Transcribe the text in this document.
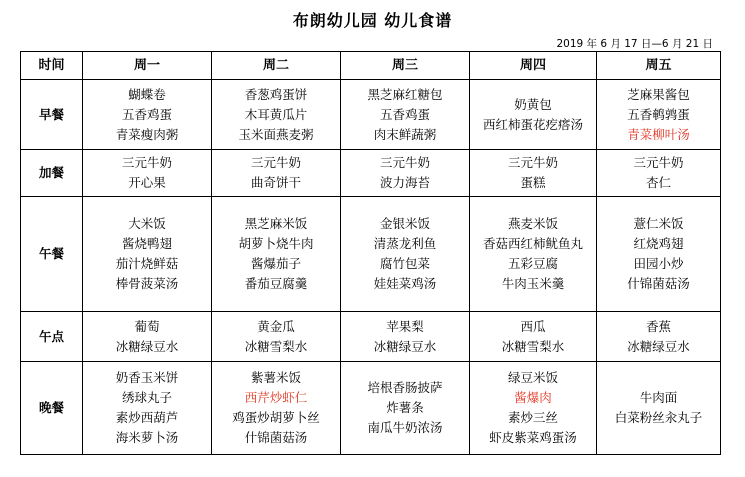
布朗幼儿园 幼儿食谱
2019 年 6 月 17 日—6 月 21 日
时间	周一	周二	周三	周四	周五
早餐	蝴蝶卷
五香鸡蛋
青菜瘦肉粥	香葱鸡蛋饼
木耳黄瓜片
玉米面燕麦粥	黑芝麻红糖包
五香鸡蛋
肉末鲜蔬粥	奶黄包
西红柿蛋花疙瘩汤	芝麻果酱包
五香鹌鹑蛋
青菜柳叶汤

加餐	三元牛奶
开心果	三元牛奶
曲奇饼干	三元牛奶
波力海苔	三元牛奶
蛋糕	三元牛奶
杏仁

午餐	大米饭
酱烧鸭翅
茄汁烧鲜菇
棒骨菠菜汤	黑芝麻米饭
胡萝卜烧牛肉
酱爆茄子
番茄豆腐羹	金银米饭
清蒸龙利鱼
腐竹包菜
娃娃菜鸡汤	燕麦米饭
香菇西红柿鱿鱼丸
五彩豆腐
牛肉玉米羹	薏仁米饭
红烧鸡翅
田园小炒
什锦菌菇汤

午点	葡萄
冰糖绿豆水	黄金瓜
冰糖雪梨水	苹果梨
冰糖绿豆水	西瓜
冰糖雪梨水	香蕉
冰糖绿豆水

晚餐	奶香玉米饼
绣球丸子
素炒西葫芦
海米萝卜汤	紫薯米饭
西芹炒虾仁
鸡蛋炒胡萝卜丝
什锦菌菇汤	培根香肠披萨
炸薯条
南瓜牛奶浓汤	绿豆米饭
酱爆肉
素炒三丝
虾皮紫菜鸡蛋汤	牛肉面
白菜粉丝汆丸子
